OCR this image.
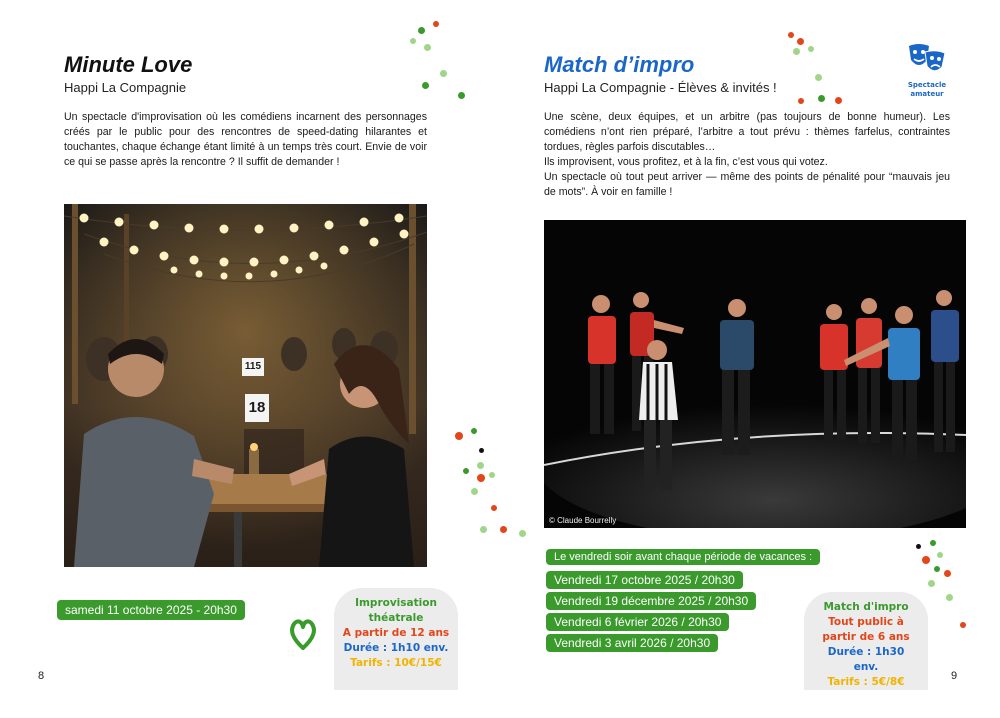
Minute Love

Happi La Compagnie

Un spectacle d'improvisation où les comédiens incarnent des personnages créés par le public pour des rencontres de speed-dating hilarantes et touchantes, chaque échange étant limité à un temps très court. Envie de voir ce qui se passe après la rencontre ? Il suffit de demander !

115
18
samedi 11 octobre 2025 - 20h30	Improvisation théatrale
A partir de 12 ans
Durée : 1h10 env.
Tarifs : 10€/15€
8
Match d’impro

Happi La Compagnie - Élèves & invités !	Spectacle amateur

Une scène, deux équipes, et un arbitre (pas toujours de bonne humeur). Les comédiens n’ont rien préparé, l’arbitre a tout prévu : thèmes farfelus, contraintes tordues, règles parfois discutables…

Ils improvisent, vous profitez, et à la fin, c’est vous qui votez.

Un spectacle où tout peut arriver — même des points de pénalité pour “mauvais jeu de mots”. À voir en famille !

© Claude Bourrelly
Le vendredi soir avant chaque période de vacances :
Vendredi 17 octobre 2025 / 20h30
Vendredi 19 décembre 2025 / 20h30
Vendredi 6 février 2026 / 20h30
Vendredi 3 avril 2026 / 20h30
Match d'impro
Tout public à partir de 6 ans
Durée : 1h30 env.
Tarifs : 5€/8€	9
